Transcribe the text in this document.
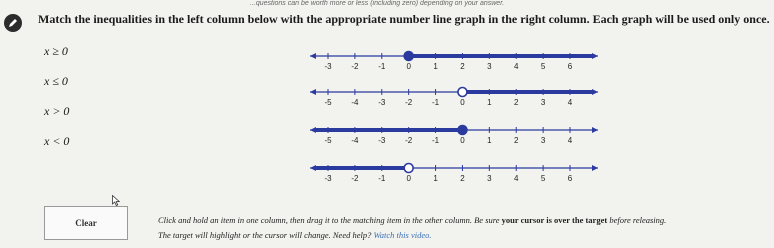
...questions can be worth more or less (including zero) depending on your answer.
Match the inequalities in the left column below with the appropriate number line graph in the right column. Each graph will be used only once.
x ≥ 0
x ≤ 0
x > 0
x < 0
-3 -2 -1	0	1	2	3	4	5	6
-5 -4 -3 -2 -1	0	1	2	3	4
-5 -4 -3 -2 -1	0	1	2	3	4
-3 -2 -1	0	1	2	3	4	5	6
Clear	Click and hold an item in one column, then drag it to the matching item in the other column. Be sure your cursor is over the target before releasing.
The target will highlight or the cursor will change. Need help? Watch this video.
